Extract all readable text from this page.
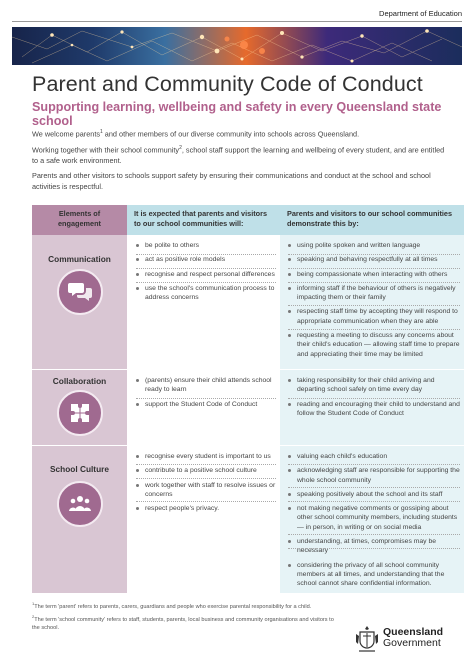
Department of Education
Parent and Community Code of Conduct
Supporting learning, wellbeing and safety in every Queensland state school

We welcome parents$^1$ and other members of our diverse community into schools across Queensland.

Working together with their school community$^2$, school staff support the learning and wellbeing of every student, and are entitled to a safe work environment.

Parents and other visitors to schools support safety by ensuring their communications and conduct at the school and school activities is respectful.

Elements of engagement
It is expected that parents and visitors to our school communities will:
Parents and visitors to our school communities demonstrate this by:
Communication
be polite to others
act as positive role models
recognise and respect personal differences
use the school's communication process to address concerns
using polite spoken and written language
speaking and behaving respectfully at all times
being compassionate when interacting with others
informing staff if the behaviour of others is negatively impacting them or their family
respecting staff time by accepting they will respond to appropriate communication when they are able
requesting a meeting to discuss any concerns about their child's education — allowing staff time to prepare and appreciating their time may be limited
Collaboration	(parents) ensure their child attends school ready to learn
support the Student Code of Conduct
taking responsibility for their child arriving and departing school safely on time every day
reading and encouraging their child to understand and follow the Student Code of Conduct
School Culture
recognise every student is important to us
contribute to a positive school culture
work together with staff to resolve issues or concerns
respect people's privacy.
valuing each child's education
acknowledging staff are responsible for supporting the whole school community
speaking positively about the school and its staff
not making negative comments or gossiping about other school community members, including students — in person, in writing or on social media
understanding, at times, compromises may be necessary
considering the privacy of all school community members at all times, and understanding that the school cannot share confidential information.

$^1$The term 'parent' refers to parents, carers, guardians and people who exercise parental responsibility for a child.

$^2$The term 'school community' refers to staff, students, parents, local business and community organisations and visitors to the school.	Queensland
Government
